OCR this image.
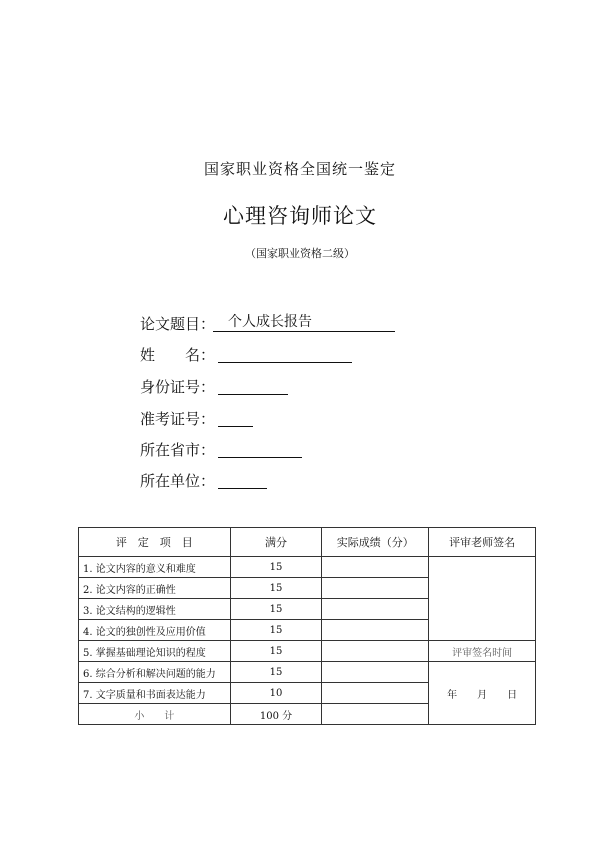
国家职业资格全国统一鉴定
心理咨询师论文
（国家职业资格二级）
论文题目： 个人成长报告
姓　　名：
身份证号：
准考证号：
所在省市：
所在单位：
评　定　项　目	满分	实际成绩（分）	评审老师签名
1. 论文内容的意义和难度	15		
2. 论文内容的正确性	15		
3. 论文结构的逻辑性	15		
4. 论文的独创性及应用价值	15		
5. 掌握基础理论知识的程度	15		评审签名时间
6. 综合分析和解决问题的能力	15		年　　月　　日
7. 文字质量和书面表达能力	10		
小　　计	100 分		
